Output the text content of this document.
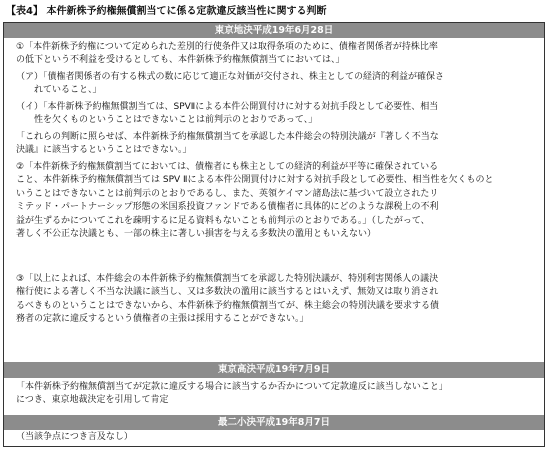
【表4】 本件新株予約権無償割当てに係る定款違反該当性に関する判断
東京地決平成19年6月28日
①「本件新株予約権について定められた差別的行使条件又は取得条項のために、債権者関係者が持株比率
の低下という不利益を受けるとしても、本件新株予約権無償割当てにおいては、」
（ア）「債権者関係者の有する株式の数に応じて適正な対価が交付され、株主としての経済的利益が確保さ
　　れていること、」
（イ）「本件新株予約権無償割当ては、SPVⅡによる本件公開買付けに対する対抗手段として必要性、相当
　　性を欠くものということはできないことは前判示のとおりであって、」
「これらの判断に照らせば、本件新株予約権無償割当てを承認した本件総会の特別決議が『著しく不当な
決議』に該当するということはできない。」
②「本件新株予約権無償割当てにおいては、債権者にも株主としての経済的利益が平等に確保されている
こと、本件新株予約権無償割当ては SPV Ⅱによる本件公開買付けに対する対抗手段として必要性、相当性を欠くものと
いうことはできないことは前判示のとおりであるし、また、英領ケイマン諸島法に基づいて設立されたリ
ミテッド・パートナーシップ形態の米国系投資ファンドである債権者に具体的にどのような課税上の不利
益が生ずるかについてこれを疎明するに足る資料もないことも前判示のとおりである。」（したがって、
著しく不公正な決議とも、一部の株主に著しい損害を与える多数決の濫用ともいえない）
③「以上によれば、本件総会の本件新株予約権無償割当てを承認した特別決議が、特別利害関係人の議決
権行使による著しく不当な決議に該当し、又は多数決の濫用に該当するとはいえず、無効又は取り消され
るべきものということはできないから、本件新株予約権無償割当てが、株主総会の特別決議を要求する債
務者の定款に違反するという債権者の主張は採用することができない。」
東京高決平成19年7月9日
「本件新株予約権無償割当てが定款に違反する場合に該当するか否かについて定款違反に該当しないこと」
につき、東京地裁決定を引用して肯定
最二小決平成19年8月7日
（当該争点につき言及なし）
